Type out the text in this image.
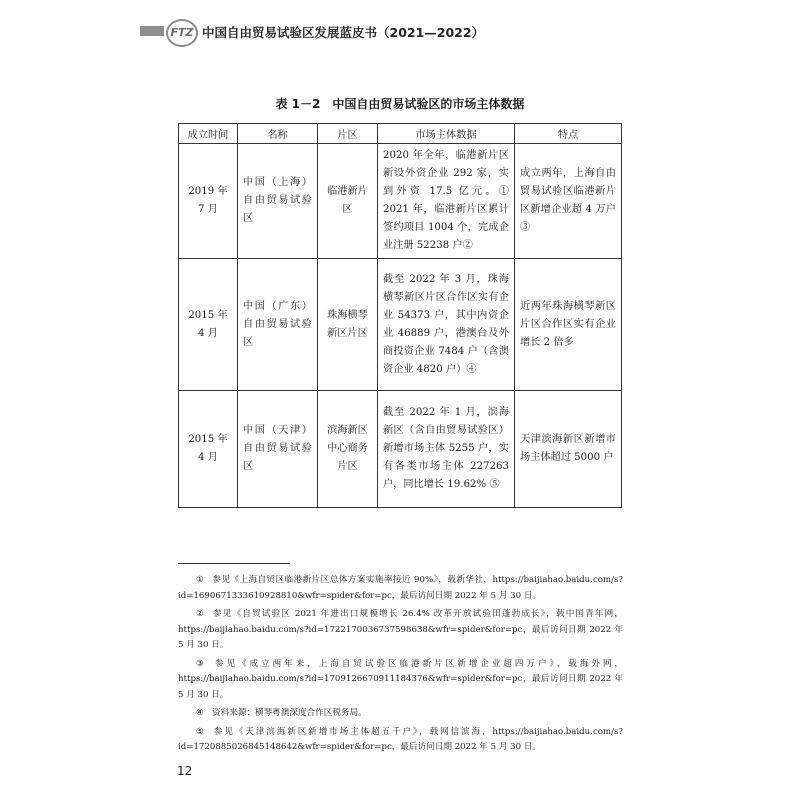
FTZ 中国自由贸易试验区发展蓝皮书（2021—2022）
表 1－2　中国自由贸易试验区的市场主体数据
成立时间	名称	片区	市场主体数据	特点
2019 年 7 月	中国（上海）自由贸易试验区	临港新片区	2020 年全年，临港新片区新设外资企业 292 家，实到外资 17.5 亿元。① 2021 年，临港新片区累计签约项目 1004 个，完成企业注册 52238 户②	成立两年，上海自由贸易试验区临港新片区新增企业超 4 万户③
2015 年 4 月	中国（广东）自由贸易试验区	珠海横琴新区片区	截至 2022 年 3 月，珠海横琴新区片区合作区实有企业 54373 户，其中内资企业 46889 户，港澳台及外商投资企业 7484 户（含澳资企业 4820 户）④	近两年珠海横琴新区片区合作区实有企业增长 2 倍多
2015 年 4 月	中国（天津）自由贸易试验区	滨海新区中心商务片区	截至 2022 年 1 月，滨海新区（含自由贸易试验区）新增市场主体 5255 户，实有各类市场主体 227263 户，同比增长 19.62% ⑤	天津滨海新区新增市场主体超过 5000 户

① 参见《上海自贸区临港新片区总体方案实施率接近 90%》，载新华社，https://baijiahao.baidu.com/s?id=1690671333610928810&wfr=spider&for=pc，最后访问日期 2022 年 5 月 30 日。

② 参见《自贸试验区 2021 年进出口规模增长 26.4% 改革开放试验田蓬勃成长》，载中国青年网，https://baijiahao.baidu.com/s?id=1722170036737598638&wfr=spider&for=pc，最后访问日期 2022 年 5 月 30 日。

③ 参见《成立两年来，上海自贸试验区临港新片区新增企业超四万户》，载海外网，https://baijiahao.baidu.com/s?id=1709126670911184376&wfr=spider&for=pc，最后访问日期 2022 年 5 月 30 日。

④ 资料来源：横琴粤澳深度合作区税务局。

⑤ 参见《天津滨海新区新增市场主体超五千户》，载网信滨海，https://baijiahao.baidu.com/s?id=1720885026845148642&wfr=spider&for=pc，最后访问日期 2022 年 5 月 30 日。

12
